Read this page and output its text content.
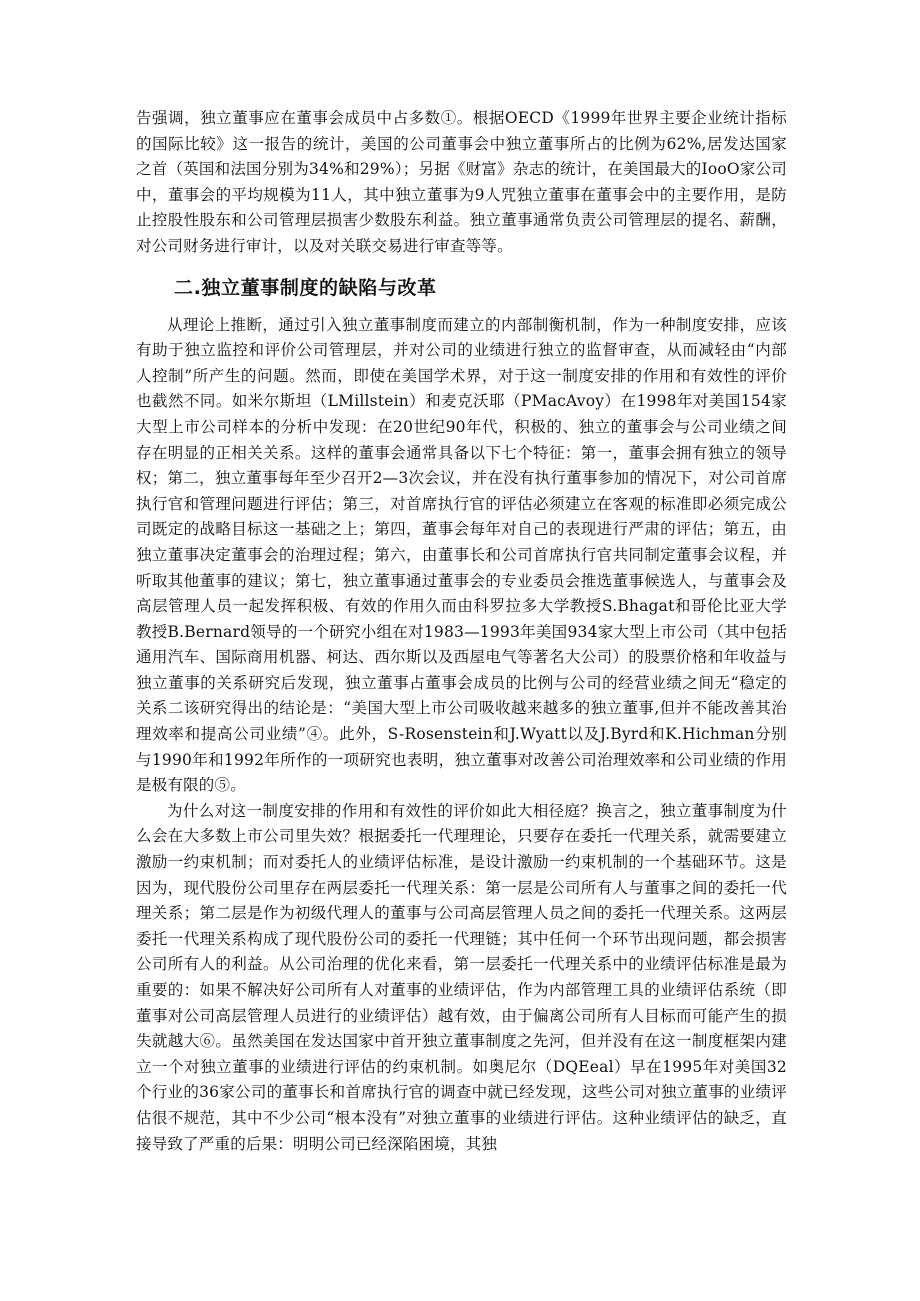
告强调，独立董事应在董事会成员中占多数①。根据OECD《1999年世界主要企业统计指标的国际比较》这一报告的统计，美国的公司董事会中独立董事所占的比例为62%,居发达国家之首（英国和法国分别为34%和29%）；另据《财富》杂志的统计，在美国最大的IooO家公司中，董事会的平均规模为11人，其中独立董事为9人咒独立董事在董事会中的主要作用，是防止控股性股东和公司管理层损害少数股东利益。独立董事通常负责公司管理层的提名、薪酬，对公司财务进行审计，以及对关联交易进行审查等等。

二.独立董事制度的缺陷与改革

从理论上推断，通过引入独立董事制度而建立的内部制衡机制，作为一种制度安排，应该有助于独立监控和评价公司管理层，并对公司的业绩进行独立的监督审查，从而减轻由“内部人控制”所产生的问题。然而，即使在美国学术界，对于这一制度安排的作用和有效性的评价也截然不同。如米尔斯坦（LMillstein）和麦克沃耶（PMacAvoy）在1998年对美国154家大型上市公司样本的分析中发现：在20世纪90年代，积极的、独立的董事会与公司业绩之间存在明显的正相关关系。这样的董事会通常具备以下七个特征：第一，董事会拥有独立的领导权；第二，独立董事每年至少召开2—3次会议，并在没有执行董事参加的情况下，对公司首席执行官和管理问题进行评估；第三，对首席执行官的评估必须建立在客观的标准即必须完成公司既定的战略目标这一基础之上；第四，董事会每年对自己的表现进行严肃的评估；第五，由独立董事决定董事会的治理过程；第六，由董事长和公司首席执行官共同制定董事会议程，并听取其他董事的建议；第七，独立董事通过董事会的专业委员会推选董事候选人，与董事会及高层管理人员一起发挥积极、有效的作用久而由科罗拉多大学教授S.Bhagat和哥伦比亚大学教授B.Bernard领导的一个研究小组在对1983—1993年美国934家大型上市公司（其中包括通用汽车、国际商用机器、柯达、西尔斯以及西屋电气等著名大公司）的股票价格和年收益与独立董事的关系研究后发现，独立董事占董事会成员的比例与公司的经营业绩之间无“稳定的关系二该研究得出的结论是：“美国大型上市公司吸收越来越多的独立董事,但并不能改善其治理效率和提高公司业绩”④。此外，S-Rosenstein和J.Wyatt以及J.Byrd和K.Hichman分别与1990年和1992年所作的一项研究也表明，独立董事对改善公司治理效率和公司业绩的作用是极有限的⑤。

为什么对这一制度安排的作用和有效性的评价如此大相径庭？换言之，独立董事制度为什么会在大多数上市公司里失效？根据委托一代理理论，只要存在委托一代理关系，就需要建立激励一约束机制；而对委托人的业绩评估标准，是设计激励一约束机制的一个基础环节。这是因为，现代股份公司里存在两层委托一代理关系：第一层是公司所有人与董事之间的委托一代理关系；第二层是作为初级代理人的董事与公司高层管理人员之间的委托一代理关系。这两层委托一代理关系构成了现代股份公司的委托一代理链；其中任何一个环节出现问题，都会损害公司所有人的利益。从公司治理的优化来看，第一层委托一代理关系中的业绩评估标准是最为重要的：如果不解决好公司所有人对董事的业绩评估，作为内部管理工具的业绩评估系统（即董事对公司高层管理人员进行的业绩评估）越有效，由于偏离公司所有人目标而可能产生的损失就越大⑥。虽然美国在发达国家中首开独立董事制度之先河，但并没有在这一制度框架内建立一个对独立董事的业绩进行评估的约束机制。如奥尼尔（DQEeal）早在1995年对美国32个行业的36家公司的董事长和首席执行官的调查中就已经发现，这些公司对独立董事的业绩评估很不规范，其中不少公司“根本没有”对独立董事的业绩进行评估。这种业绩评估的缺乏，直接导致了严重的后果：明明公司已经深陷困境，其独
